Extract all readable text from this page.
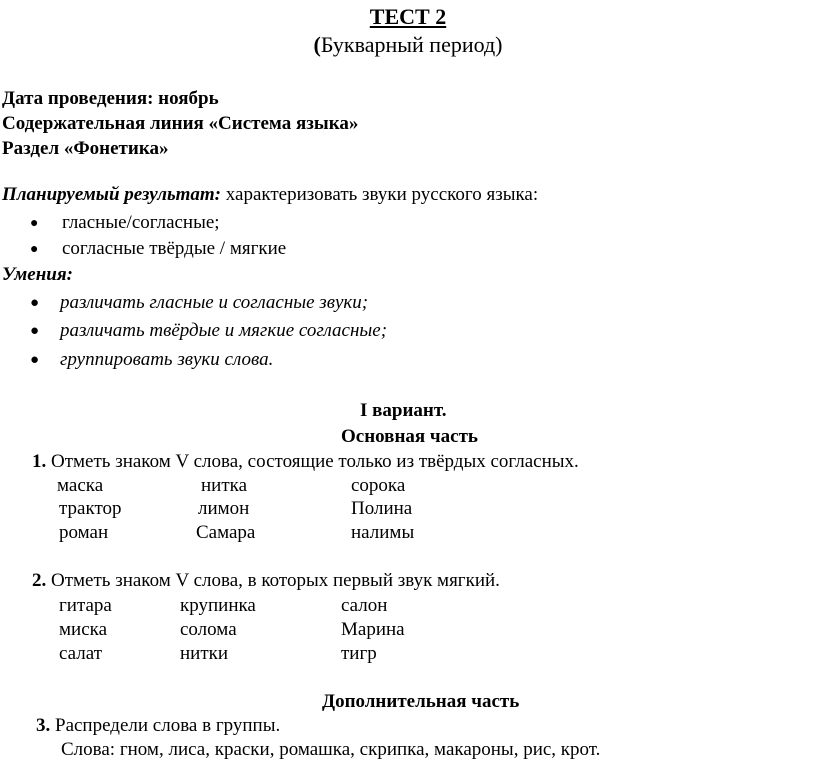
ТЕСТ 2
(Букварный период)
Дата проведения: ноябрь
Содержательная линия «Система языка»
Раздел «Фонетика»
Планируемый результат: характеризовать звуки русского языка:
● гласные/согласные;
● согласные твёрдые / мягкие
Умения:
● различать гласные и согласные звуки;
● различать твёрдые и мягкие согласные;
● группировать звуки слова.
I вариант.
Основная часть
1. Отметь знаком V слова, состоящие только из твёрдых согласных.
маска	нитка	сорока
трактор	лимон	Полина
роман	Самара	налимы
2. Отметь знаком V слова, в которых первый звук мягкий.
гитара	крупинка	салон
миска	солома	Марина
салат	нитки	тигр
Дополнительная часть
3. Распредели слова в группы.
Слова: гном, лиса, краски, ромашка, скрипка, макароны, рис, крот.
